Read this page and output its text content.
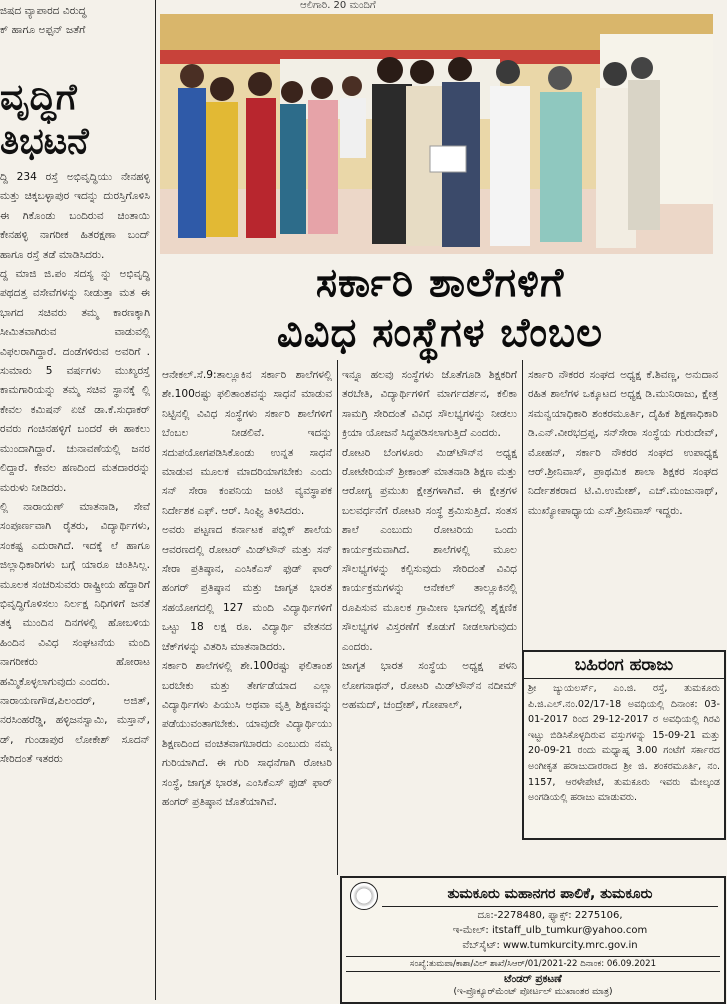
ಜಿಷದ ವ್ಯಾಪಾರದ ವಿರುದ್ಧ
ಕ್ ಹಾಗೂ ಅಫ್ಸನ್ ಜತೆಗೆ
ಆಲಿಗಾರಿ. 20 ಮಂದಿಗೆ
ವೃದ್ಧಿಗೆ
ತಿಭಟನೆ

ದ್ದಿ 234 ರಸ್ತೆ ಅಭಿವೃದ್ಧಿಯು ನೇನಹಳ್ಳಿ ಮತ್ತು ಚಿಕ್ಕಬಳ್ಳಾಪುರ ಇದನ್ನು ದುರಸ್ತಿಗೊಳಿಸಿ ಈ ಗಿಕೊಂಡು ಬಂದಿರುವ ಚಿಂತಾಯಿ ಕೇನಹಳ್ಳಿ ನಾಗರೀಕ ಹಿತರಕ್ಷಣಾ ಬಂದ್ ಹಾಗೂ ರಸ್ತೆ ತಡೆ ಮಾಡಿಸಿದರು.

ದ್ದ ಮಾಜಿ ಜಿ.ಪಂ ಸದಸ್ಯ ನ್ನು ಅಭಿವೃದ್ಧಿ ಪಥದತ್ತ ವಸೇವೆಗಳನ್ನು ನೀಡುತ್ತಾ ಮತ ಈ ಭಾಗದ ಸಚಿವರು ತಮ್ಮ ಕಾರಣಕ್ಕಾಗಿ ಸೀಮಿತವಾಗಿರುವ ವಾಡುವಲ್ಲಿ ವಿಫಲರಾಗಿದ್ದಾರೆ. ದಂಡೆಗಳಿರುವ ಅವರಿಗೆ . ಸುಮಾರು 5 ವರ್ಷಗಳು ಮುಖ್ಯರಸ್ತೆ ಕಾಮಗಾರಿಯನ್ನು ತಮ್ಮ ಸಚಿವ ಸ್ಥಾನಕ್ಕೆ ಲ್ಲಿ ಕೇವಲ ಕಮಿಷನ್ ಏಜೆ ಡಾ.ಕೆ.ಸುಧಾಕರ್ ರವರು ಗಂಚಿನಹಳ್ಳಿಗೆ ಬಂದರೆ ಈ ಹಾಕಲು ಮುಂದಾಗಿದ್ದಾರೆ. ಚುನಾವಣೆಯಲ್ಲಿ ಜನರ ಲಿದ್ದಾರೆ. ಕೇವಲ ಹಣದಿಂದ ಮತದಾರರನ್ನು ಮರುಳು ನೀಡಿದರು.

ಲ್ಲಿ ನಾರಾಯಣ್ ಮಾತನಾಡಿ, ಸೇವೆ ಸಂಪೂರ್ಣವಾಗಿ ರೈತರು, ವಿದ್ಯಾರ್ಥಿಗಳು, ಸಂಕಷ್ಟ ಎದುರಾಗಿದೆ. ಇದಕ್ಕೆ ಲೆ ಹಾಗೂ ಜಿಲ್ಲಾಧಿಕಾರಿಗಳು ಬಗ್ಗೆ ಯಾರೂ ಚಿಂತಿಸಿಲ್ಲ. ಮೂಲಕ ಸಂಚರಿಸುವರು ರಾಷ್ಟ್ರೀಯ ಹೆದ್ದಾರಿಗೆ ಭಿವೃದ್ಧಿಗೊಳಿಸಲು ನಿರ್ಲಕ್ಷ ನಿಧಿಗಳಿಗೆ ಜನತೆ ತಕ್ಕ ಮುಂದಿನ ದಿನಗಳಲ್ಲಿ ಹೋಬಳಿಯ ಹಿಂದಿನ ವಿವಿಧ ಸಂಘಟನೆಯ ಮಂದಿ ನಾಗರೀಕರು ಹೋರಾಟ ಹಮ್ಮಿಕೊಳ್ಳಲಾಗುವುದು ಎಂದರು.

ನಾರಾಯಣಗೌಡ,ಪಿಲಂದರ್, ಅಜಿತ್, ನರಸಿಂಹರೆಡ್ಡಿ, ಹಳ್ಳಿಜನಸ್ವಾಮಿ, ಮಸ್ತಾನ್, ಡ್, ಗುಂಡಾಪುರ ಲೋಕೇಶ್ ಸೂದನ್ ಸೇರಿದಂತೆ ಇತರರು

ಸರ್ಕಾರಿ ಶಾಲೆಗಳಿಗೆ
ವಿವಿಧ ಸಂಸ್ಥೆಗಳ ಬೆಂಬಲ

ಆನೇಕಲ್.ಸೆ.9:ತಾಲ್ಲೂಕಿನ ಸರ್ಕಾರಿ ಶಾಲೆಗಳಲ್ಲಿ ಶೇ.100ರಷ್ಟು ಫಲಿತಾಂಶವನ್ನು ಸಾಧನೆ ಮಾಡುವ ನಿಟ್ಟಿನಲ್ಲಿ ವಿವಿಧ ಸಂಸ್ಥೆಗಳು ಸರ್ಕಾರಿ ಶಾಲೆಗಳಿಗೆ ಬೆಂಬಲ ನೀಡಲಿವೆ. ಇದನ್ನು ಸದುಪಯೋಗಪಡಿಸಿಕೊಂಡು ಉನ್ನತ ಸಾಧನೆ ಮಾಡುವ ಮೂಲಕ ಮಾದರಿಯಾಗಬೇಕು ಎಂದು ಸನ್ ಸೇರಾ ಕಂಪನಿಯ ಜಂಟಿ ವ್ಯವಸ್ಥಾಪಕ ನಿರ್ದೇಶಕ ಎಫ್. ಆರ್. ಸಿಂಘ್ವಿ ತಿಳಿಸಿದರು.

ಅವರು ಪಟ್ಟಣದ ಕರ್ನಾಟಕ ಪಬ್ಲಿಕ್ ಶಾಲೆಯ ಆವರಣದಲ್ಲಿ ರೋಟರ್ ಮಿಡ್‌ಟೌನ್ ಮತ್ತು ಸನ್ ಸೇರಾ ಪ್ರತಿಷ್ಠಾನ, ಎಂಸಿಕೆಎಸ್ ಫುಡ್ ಫಾರ್ ಹಂಗರ್ ಪ್ರತಿಷ್ಠಾನ ಮತ್ತು ಜಾಗೃತ ಭಾರತ ಸಹಯೋಗದಲ್ಲಿ 127 ಮಂದಿ ವಿದ್ಯಾರ್ಥಿಗಳಿಗೆ ಒಟ್ಟು 18 ಲಕ್ಷ ರೂ. ವಿದ್ಯಾರ್ಥಿ ವೇತನದ ಚೆಕ್‌ಗಳನ್ನು ವಿತರಿಸಿ ಮಾತನಾಡಿದರು.

ಸರ್ಕಾರಿ ಶಾಲೆಗಳಲ್ಲಿ ಶೇ.100ರಷ್ಟು ಫಲಿತಾಂಶ ಬರಬೇಕು ಮತ್ತು ತೇರ್ಗಡೆಯಾದ ಎಲ್ಲಾ ವಿದ್ಯಾರ್ಥಿಗಳು ಪಿಯುಸಿ ಅಥವಾ ವೃತ್ತಿ ಶಿಕ್ಷಣವನ್ನು ಪಡೆಯುವಂತಾಗಬೇಕು. ಯಾವುದೇ ವಿದ್ಯಾರ್ಥಿಯು ಶಿಕ್ಷಣದಿಂದ ವಂಚಿತವಾಗಬಾರದು ಎಂಬುದು ನಮ್ಮ ಗುರಿಯಾಗಿದೆ. ಈ ಗುರಿ ಸಾಧನೆಗಾಗಿ ರೋಟರಿ ಸಂಸ್ಥೆ, ಜಾಗೃತ ಭಾರತ, ಎಂಸಿಕೆಎಸ್ ಫುಡ್ ಫಾರ್ ಹಂಗರ್ ಪ್ರತಿಷ್ಠಾನ ಜೊತೆಯಾಗಿವೆ.

ಇನ್ನೂ ಹಲವು ಸಂಸ್ಥೆಗಳು ಜೊತೆಗೂಡಿ ಶಿಕ್ಷಕರಿಗೆ ತರಬೇತಿ, ವಿದ್ಯಾರ್ಥಿಗಳಿಗೆ ಮಾರ್ಗದರ್ಶನ, ಕಲಿಕಾ ಸಾಮಗ್ರಿ ಸೇರಿದಂತೆ ವಿವಿಧ ಸೌಲಭ್ಯಗಳನ್ನು ನೀಡಲು ಕ್ರಿಯಾ ಯೋಜನೆ ಸಿದ್ಧಪಡಿಸಲಾಗುತ್ತಿದೆ ಎಂದರು.

ರೋಟರಿ ಬೆಂಗಳೂರು ಮಿಡ್‌ಟೌನ್‌ನ ಅಧ್ಯಕ್ಷ ರೋಟೇರಿಯನ್ ಶ್ರೀಕಾಂತ್ ಮಾತನಾಡಿ ಶಿಕ್ಷಣ ಮತ್ತು ಆರೋಗ್ಯ ಪ್ರಮುಖ ಕ್ಷೇತ್ರಗಳಾಗಿವೆ. ಈ ಕ್ಷೇತ್ರಗಳ ಬಲವರ್ಧನೆಗೆ ರೋಟರಿ ಸಂಸ್ಥೆ ಶ್ರಮಿಸುತ್ತಿದೆ. ಸಂತಸ ಶಾಲೆ ಎಂಬುದು ರೋಟರಿಯ ಒಂದು ಕಾರ್ಯಕ್ರಮವಾಗಿದೆ. ಶಾಲೆಗಳಲ್ಲಿ ಮೂಲ ಸೌಲಭ್ಯಗಳನ್ನು ಕಲ್ಪಿಸುವುದು ಸೇರಿದಂತೆ ವಿವಿಧ ಕಾರ್ಯಕ್ರಮಗಳನ್ನು ಆನೇಕಲ್ ತಾಲ್ಲೂಕಿನಲ್ಲಿ ರೂಪಿಸುವ ಮೂಲಕ ಗ್ರಾಮೀಣ ಭಾಗದಲ್ಲಿ ಶೈಕ್ಷಣಿಕ ಸೌಲಭ್ಯಗಳ ವಿಸ್ತರಣೆಗೆ ಕೊಡುಗೆ ನೀಡಲಾಗುವುದು ಎಂದರು.

ಜಾಗೃತ ಭಾರತ ಸಂಸ್ಥೆಯ ಅಧ್ಯಕ್ಷ ಪಳನಿ ಲೋಗನಾಥನ್, ರೋಟರಿ ಮಿಡ್‌ಟೌನ್‌ನ ನದೀಮ್ ಅಹಮದ್, ಚಂದ್ರೇಶ್, ಗೋಪಾಲ್,

ಸರ್ಕಾರಿ ನೌಕರರ ಸಂಘದ ಅಧ್ಯಕ್ಷ ಕೆ.ಶಿವಣ್ಣ, ಅನುದಾನ ರಹಿತ ಶಾಲೆಗಳ ಒಕ್ಕೂಟದ ಅಧ್ಯಕ್ಷ ಡಿ.ಮುನಿರಾಜು, ಕ್ಷೇತ್ರ ಸಮನ್ವಯಾಧಿಕಾರಿ ಶಂಕರಮೂರ್ತಿ, ದೈಹಿಕ ಶಿಕ್ಷಣಾಧಿಕಾರಿ ಡಿ.ಎನ್.ವೀರಭದ್ರಪ್ಪ, ಸನ್‌ಸೇರಾ ಸಂಸ್ಥೆಯ ಗುರುದೇವ್, ಮೋಹನ್, ಸರ್ಕಾರಿ ನೌಕರರ ಸಂಘದ ಉಪಾಧ್ಯಕ್ಷ ಆರ್.ಶ್ರೀನಿವಾಸ್, ಪ್ರಾಥಮಿಕ ಶಾಲಾ ಶಿಕ್ಷಕರ ಸಂಘದ ನಿರ್ದೇಶಕರಾದ ಟಿ.ವಿ.ಉಮೇಶ್, ಎಚ್.ಮಂಜುನಾಥ್, ಮುಖ್ಯೋಪಾಧ್ಯಾಯ ಎಸ್.ಶ್ರೀನಿವಾಸ್ ಇದ್ದರು.

ಬಹಿರಂಗ ಹರಾಜು
ಶ್ರೀ ಜ್ಯುಯಲರ್ಸ್, ಎಂ.ಜಿ. ರಸ್ತೆ, ತುಮಕೂರು ಪಿ.ಜಿ.ಎಲ್.ನಂ.02/17-18 ಅವಧಿಯಲ್ಲಿ ದಿನಾಂಕ: 03-01-2017 ರಿಂದ 29-12-2017 ರ ಅವಧಿಯಲ್ಲಿ ಗಿರವಿ ಇಟ್ಟು ಬಿಡಿಸಿಕೊಳ್ಳದಿರುವ ವಸ್ತುಗಳನ್ನು 15-09-21 ಮತ್ತು 20-09-21 ರಂದು ಮಧ್ಯಾಹ್ನ 3.00 ಗಂಟೆಗೆ ಸರ್ಕಾರದ ಅಂಗೀಕೃತ ಹರಾಜುದಾರರಾದ ಶ್ರೀ ಜಿ. ಶಂಕರಮೂರ್ತಿ, ನಂ. 1157, ಆರಳೇಪೇಟೆ, ತುಮಕೂರು ಇವರು ಮೇಲ್ಕಂಡ ಅಂಗಡಿಯಲ್ಲಿ ಹರಾಜು ಮಾಡುವರು.
ತುಮಕೂರು ಮಹಾನಗರ ಪಾಲಿಕೆ, ತುಮಕೂರು
ದೂ:-2278480, ಫ್ಯಾಕ್ಸ್: 2275106,
ಇ-ಮೇಲ್: itstaff_ulb_tumkur@yahoo.com
ವೆಬ್‌ಸೈಟ್: www.tumkurcity.mrc.gov.in
ಸಂಖ್ಯೆ:ತುಮಪಾ/ಕಾಶಾ/ವಿಲ್ ಶಾಖೆ/ಸಿಆರ್/01/2021-22 ದಿನಾಂಕ: 06.09.2021
ಟೆಂಡರ್ ಪ್ರಕಟಣೆ
(ಇ-ಪ್ರೊಕ್ಯೂರ್‌ಮೆಂಟ್ ಪೋರ್ಟಲ್ ಮುಖಾಂತರ ಮಾತ್ರ)
